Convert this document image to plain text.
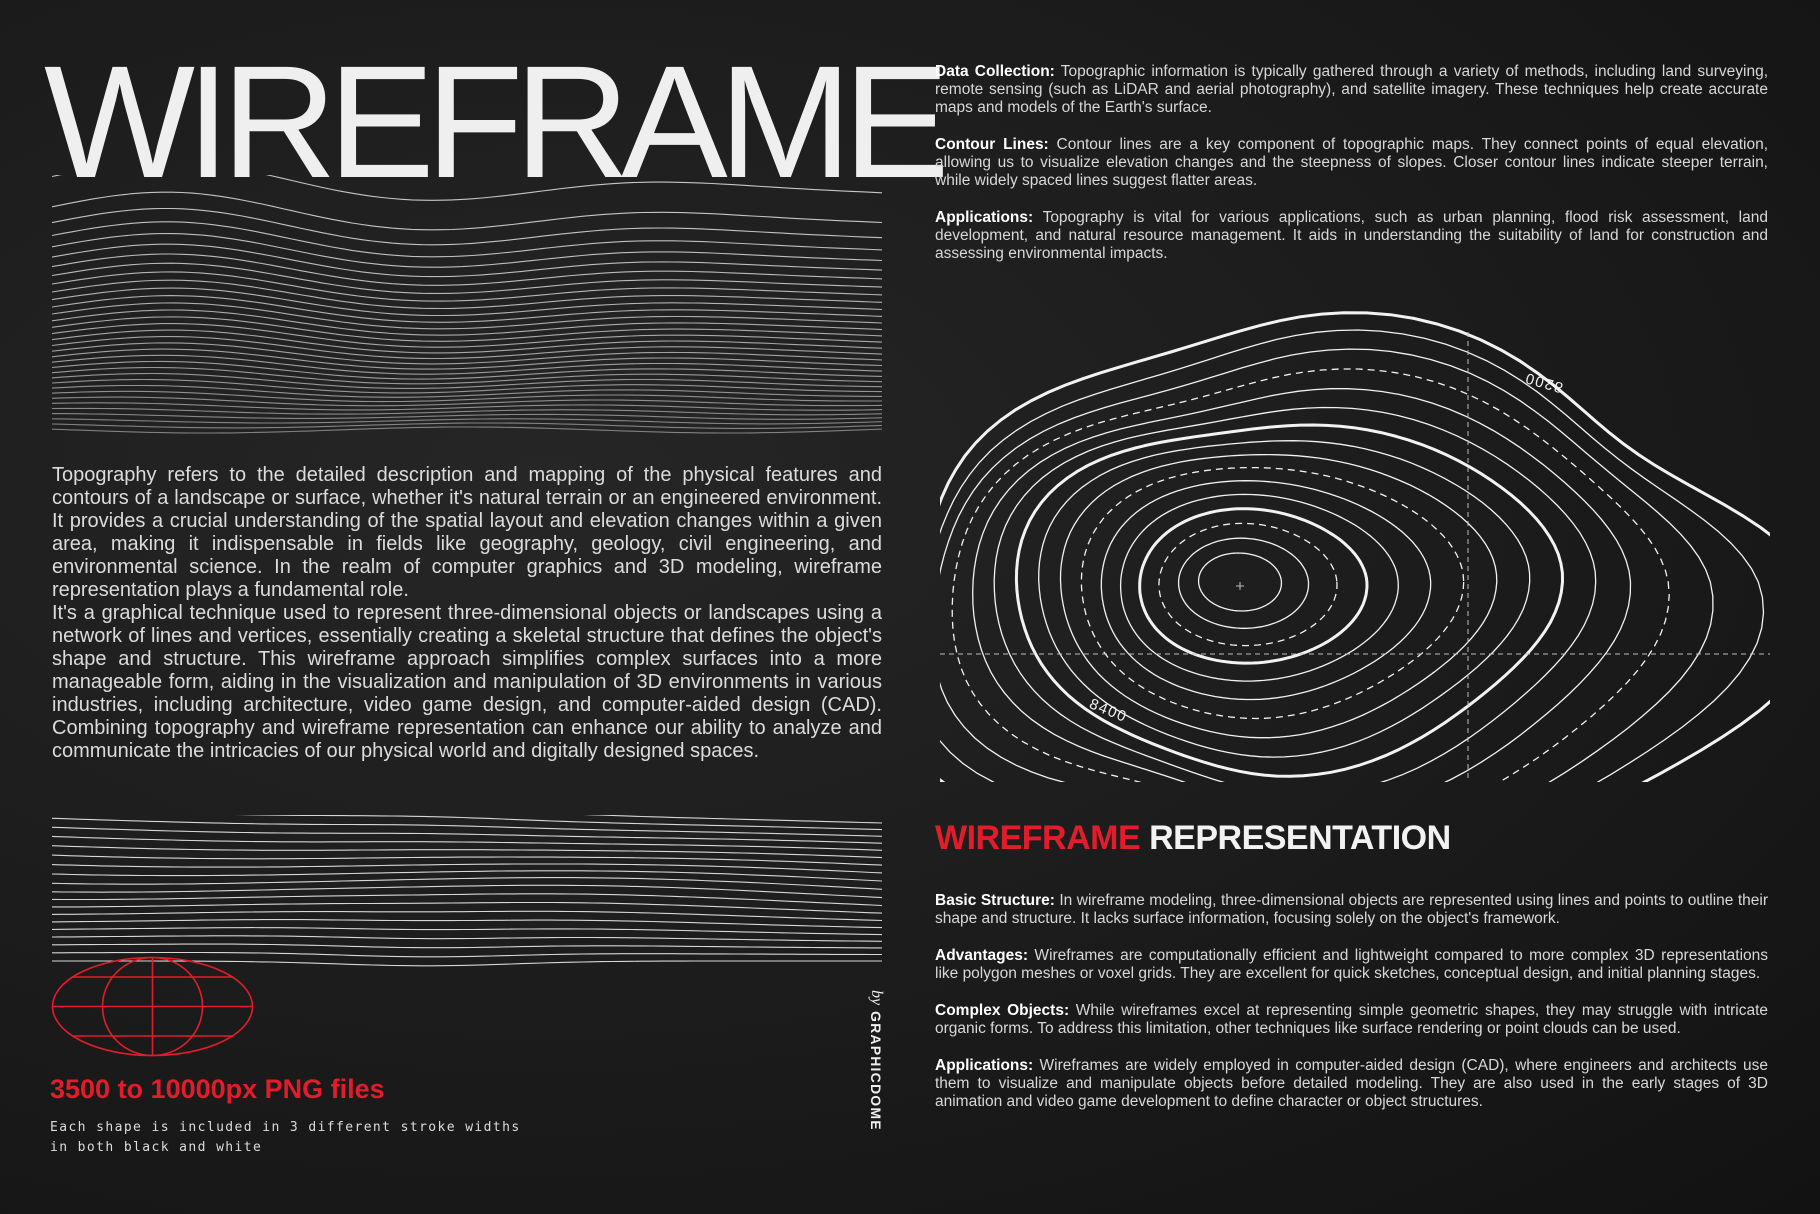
WIREFRAME

Topography refers to the detailed description and mapping of the physical features and contours of a landscape or surface, whether it's natural terrain or an engineered environment. It provides a crucial understanding of the spatial layout and elevation changes within a given area, making it indispensable in fields like geography, geology, civil engineering, and environmental science. In the realm of computer graphics and 3D modeling, wireframe representation plays a fundamental role.

It's a graphical technique used to represent three-dimensional objects or landscapes using a network of lines and vertices, essentially creating a skeletal structure that defines the object's shape and structure. This wireframe approach simplifies complex surfaces into a more manageable form, aiding in the visualization and manipulation of 3D environments in various industries, including architecture, video game design, and computer-aided design (CAD). Combining topography and wireframe representation can enhance our ability to analyze and communicate the intricacies of our physical world and digitally designed spaces.

3500 to 10000px PNG files
Each shape is included in 3 different stroke widths
in both black and white
by
GRAPHICDOME

Data Collection: Topographic information is typically gathered through a variety of methods, including land surveying, remote sensing (such as LiDAR and aerial photography), and satellite imagery. These techniques help create accurate maps and models of the Earth's surface.

Contour Lines: Contour lines are a key component of topographic maps. They connect points of equal elevation, allowing us to visualize elevation changes and the steepness of slopes. Closer contour lines indicate steeper terrain, while widely spaced lines suggest flatter areas.

Applications: Topography is vital for various applications, such as urban planning, flood risk assessment, land development, and natural resource management. It aids in understanding the suitability of land for construction and assessing environmental impacts.

8200
8400
WIREFRAME REPRESENTATION

Basic Structure: In wireframe modeling, three-dimensional objects are represented using lines and points to outline their shape and structure. It lacks surface information, focusing solely on the object's framework.

Advantages: Wireframes are computationally efficient and lightweight compared to more complex 3D representations like polygon meshes or voxel grids. They are excellent for quick sketches, conceptual design, and initial planning stages.

Complex Objects: While wireframes excel at representing simple geometric shapes, they may struggle with intricate organic forms. To address this limitation, other techniques like surface rendering or point clouds can be used.

Applications: Wireframes are widely employed in computer-aided design (CAD), where engineers and architects use them to visualize and manipulate objects before detailed modeling. They are also used in the early stages of 3D animation and video game development to define character or object structures.
